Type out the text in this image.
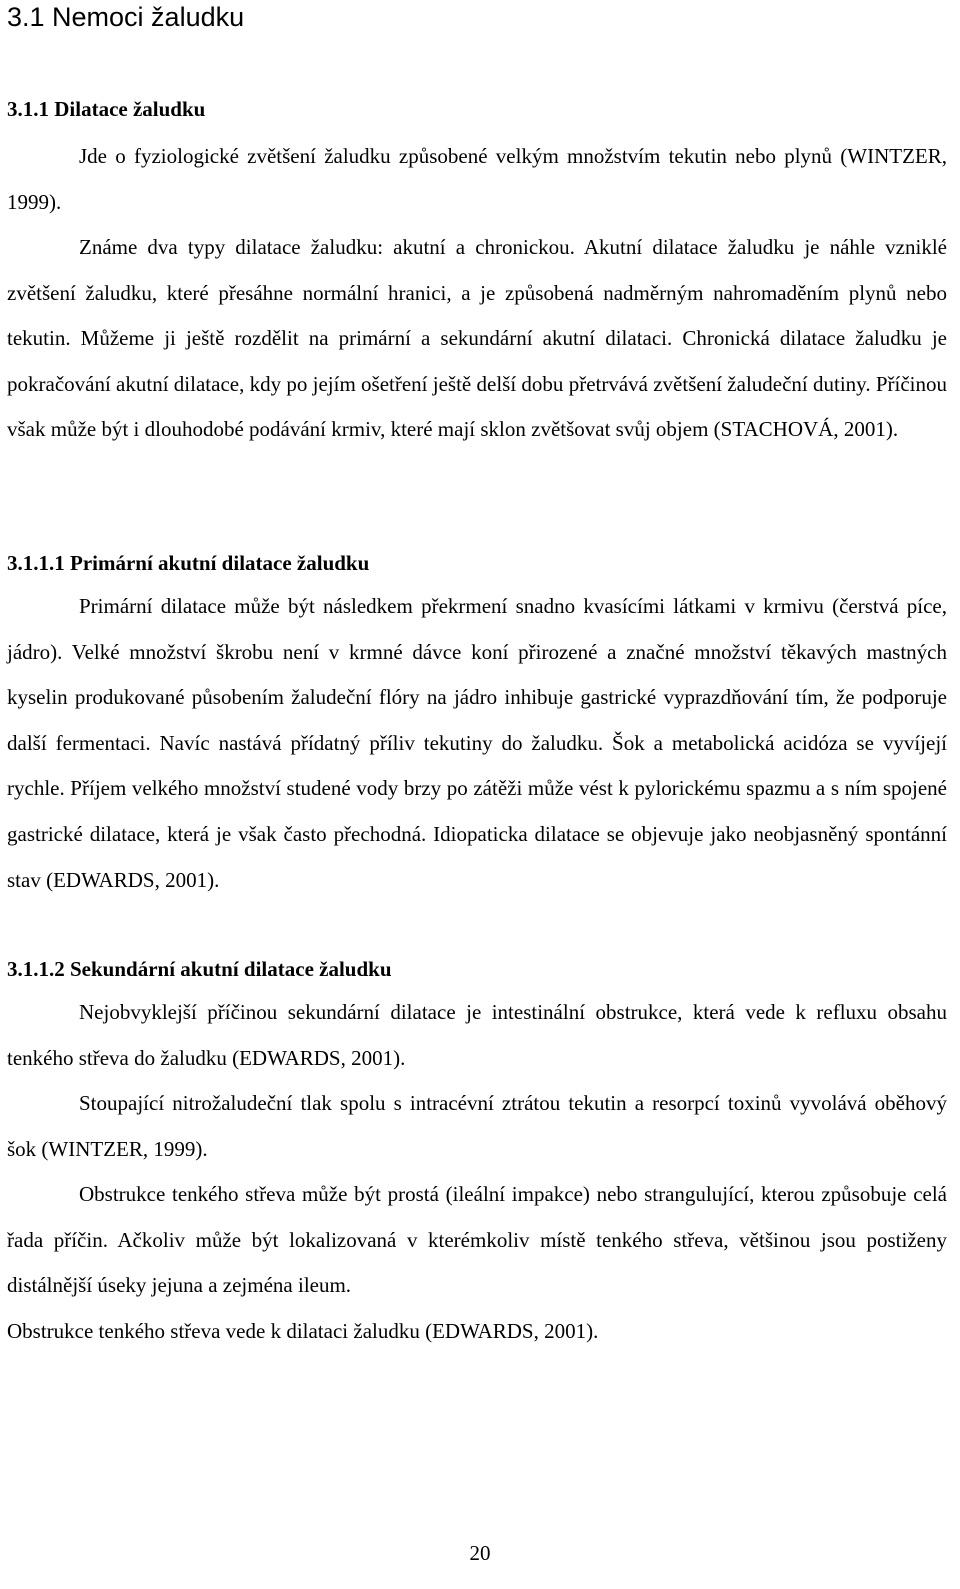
3.1 Nemoci žaludku
3.1.1 Dilatace žaludku

Jde o fyziologické zvětšení žaludku způsobené velkým množstvím tekutin nebo plynů (WINTZER, 1999).

Známe dva typy dilatace žaludku: akutní a chronickou. Akutní dilatace žaludku je náhle vzniklé zvětšení žaludku, které přesáhne normální hranici, a je způsobená nadměrným nahromaděním plynů nebo tekutin. Můžeme ji ještě rozdělit na primární a sekundární akutní dilataci. Chronická dilatace žaludku je pokračování akutní dilatace, kdy po jejím ošetření ještě delší dobu přetrvává zvětšení žaludeční dutiny. Příčinou však může být i dlouhodobé podávání krmiv, které mají sklon zvětšovat svůj objem (STACHOVÁ, 2001).

3.1.1.1 Primární akutní dilatace žaludku

Primární dilatace může být následkem překrmení snadno kvasícími látkami v krmivu (čerstvá píce, jádro). Velké množství škrobu není v krmné dávce koní přirozené a značné množství těkavých mastných kyselin produkované působením žaludeční flóry na jádro inhibuje gastrické vyprazdňování tím, že podporuje další fermentaci. Navíc nastává přídatný příliv tekutiny do žaludku. Šok a metabolická acidóza se vyvíjejí rychle. Příjem velkého množství studené vody brzy po zátěži může vést k pylorickému spazmu a s ním spojené gastrické dilatace, která je však často přechodná. Idiopaticka dilatace se objevuje jako neobjasněný spontánní stav (EDWARDS, 2001).

3.1.1.2 Sekundární akutní dilatace žaludku

Nejobvyklejší příčinou sekundární dilatace je intestinální obstrukce, která vede k refluxu obsahu tenkého střeva do žaludku (EDWARDS, 2001).

Stoupající nitrožaludeční tlak spolu s intracévní ztrátou tekutin a resorpcí toxinů vyvolává oběhový šok (WINTZER, 1999).

Obstrukce tenkého střeva může být prostá (ileální impakce) nebo strangulující, kterou způsobuje celá řada příčin. Ačkoliv může být lokalizovaná v kterémkoliv místě tenkého střeva, většinou jsou postiženy distálnější úseky jejuna a zejména ileum.

Obstrukce tenkého střeva vede k dilataci žaludku (EDWARDS, 2001).

20
